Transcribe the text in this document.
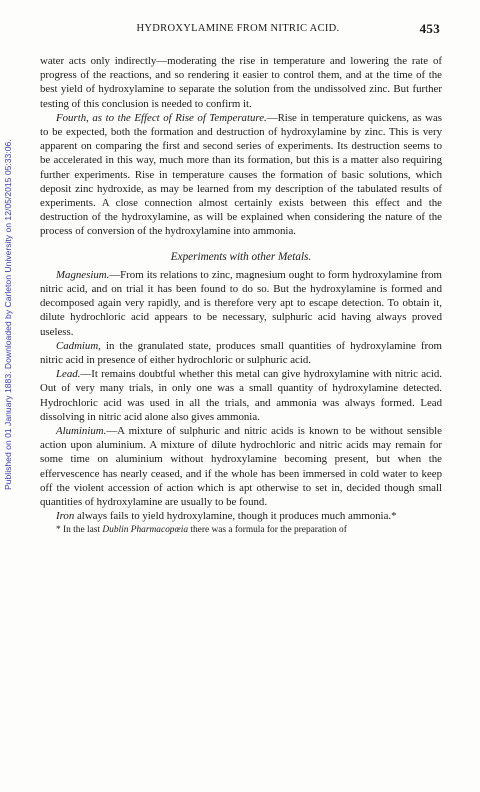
Published on 01 January 1883. Downloaded by Carleton University on 12/05/2015 05:33:06.
HYDROXYLAMINE FROM NITRIC ACID.	453

water acts only indirectly—moderating the rise in temperature and lowering the rate of progress of the reactions, and so rendering it easier to control them, and at the time of the best yield of hydroxylamine to separate the solution from the undissolved zinc. But further testing of this conclusion is needed to confirm it.

Fourth, as to the Effect of Rise of Temperature.—Rise in temperature quickens, as was to be expected, both the formation and destruction of hydroxylamine by zinc. This is very apparent on comparing the first and second series of experiments. Its destruction seems to be accelerated in this way, much more than its formation, but this is a matter also requiring further experiments. Rise in temperature causes the formation of basic solutions, which deposit zinc hydroxide, as may be learned from my description of the tabulated results of experiments. A close connection almost certainly exists between this effect and the destruction of the hydroxylamine, as will be explained when considering the nature of the process of conversion of the hydroxylamine into ammonia.

Experiments with other Metals.

Magnesium.—From its relations to zinc, magnesium ought to form hydroxylamine from nitric acid, and on trial it has been found to do so. But the hydroxylamine is formed and decomposed again very rapidly, and is therefore very apt to escape detection. To obtain it, dilute hydrochloric acid appears to be necessary, sulphuric acid having always proved useless.

Cadmium, in the granulated state, produces small quantities of hydroxylamine from nitric acid in presence of either hydrochloric or sulphuric acid.

Lead.—It remains doubtful whether this metal can give hydroxylamine with nitric acid. Out of very many trials, in only one was a small quantity of hydroxylamine detected. Hydrochloric acid was used in all the trials, and ammonia was always formed. Lead dissolving in nitric acid alone also gives ammonia.

Aluminium.—A mixture of sulphuric and nitric acids is known to be without sensible action upon aluminium. A mixture of dilute hydrochloric and nitric acids may remain for some time on aluminium without hydroxylamine becoming present, but when the effervescence has nearly ceased, and if the whole has been immersed in cold water to keep off the violent accession of action which is apt otherwise to set in, decided though small quantities of hydroxylamine are usually to be found.

Iron always fails to yield hydroxylamine, though it produces much ammonia.*

* In the last Dublin Pharmacopœia there was a formula for the preparation of
